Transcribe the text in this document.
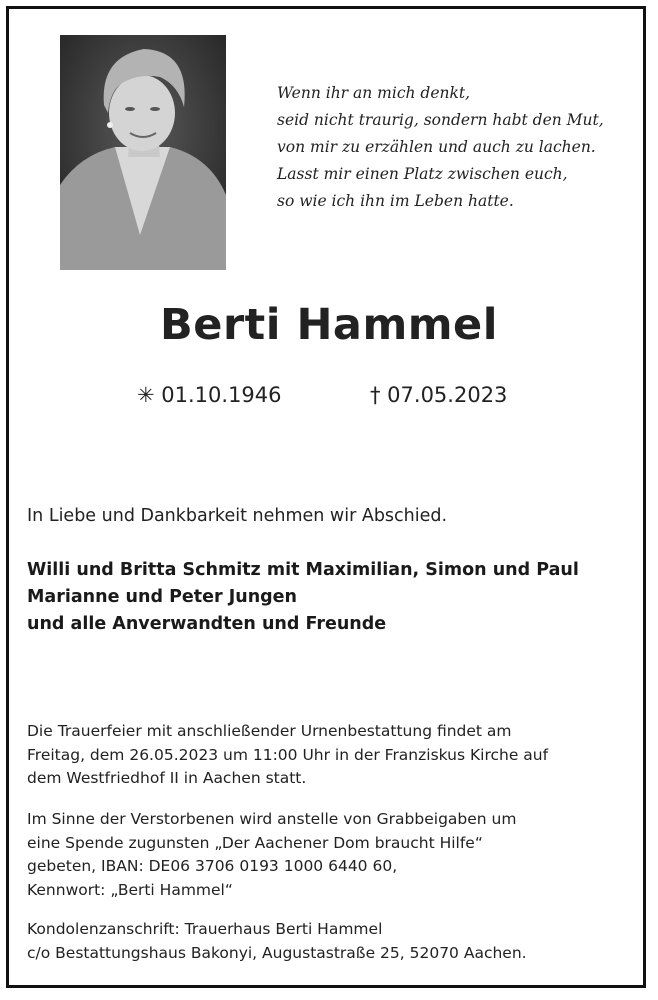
Wenn ihr an mich denkt,
seid nicht traurig, sondern habt den Mut,
von mir zu erzählen und auch zu lachen.
Lasst mir einen Platz zwischen euch,
so wie ich ihn im Leben hatte.
Berti Hammel
✳ 01.10.1946	† 07.05.2023
In Liebe und Dankbarkeit nehmen wir Abschied.
Willi und Britta Schmitz mit Maximilian, Simon und Paul
Marianne und Peter Jungen
und alle Anverwandten und Freunde
Die Trauerfeier mit anschließender Urnenbestattung findet am
Freitag, dem 26.05.2023 um 11:00 Uhr in der Franziskus Kirche auf
dem Westfriedhof II in Aachen statt.
Im Sinne der Verstorbenen wird anstelle von Grabbeigaben um
eine Spende zugunsten „Der Aachener Dom braucht Hilfe“
gebeten, IBAN: DE06 3706 0193 1000 6440 60,
Kennwort: „Berti Hammel“
Kondolenzanschrift: Trauerhaus Berti Hammel
c/o Bestattungshaus Bakonyi, Augustastraße 25, 52070 Aachen.
